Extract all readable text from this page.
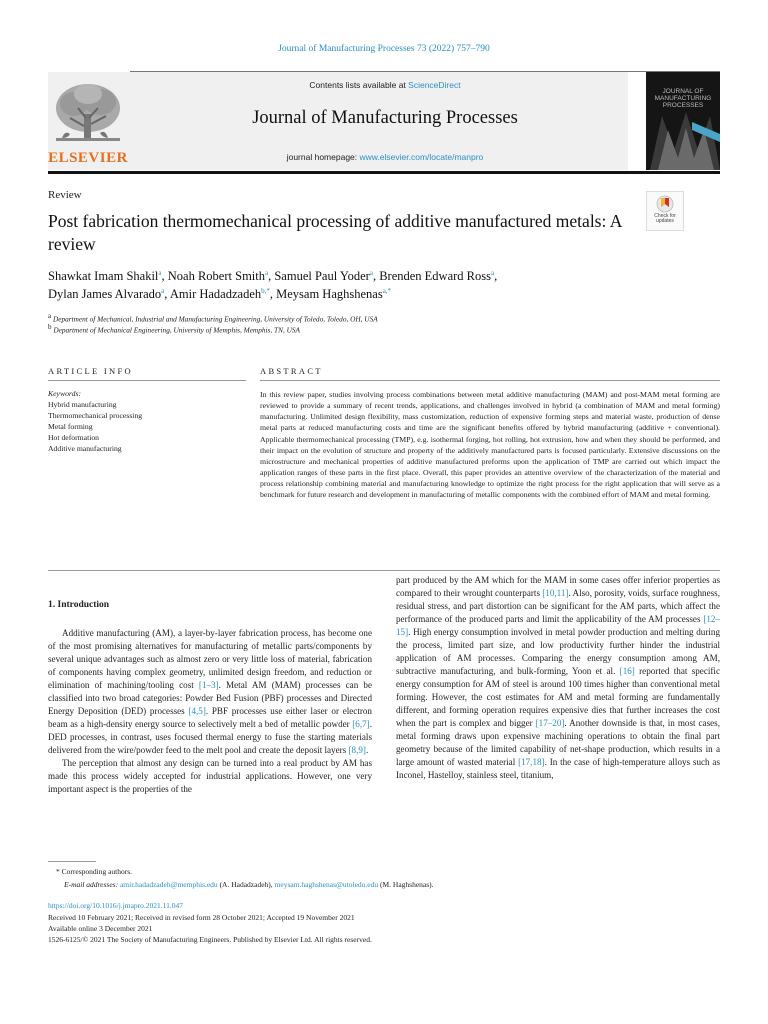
Journal of Manufacturing Processes 73 (2022) 757–790
ELSEVIER
Contents lists available at ScienceDirect
Journal of Manufacturing Processes
journal homepage: www.elsevier.com/locate/manpro
JOURNAL OF MANUFACTURING PROCESSES
Review
Check for updates
Post fabrication thermomechanical processing of additive manufactured metals: A review
Shawkat Imam Shakil$^a$, Noah Robert Smith$^a$, Samuel Paul Yoder$^a$, Brenden Edward Ross$^a$,
Dylan James Alvarado$^a$, Amir Hadadzadeh$^{b,*}$, Meysam Haghshenas$^{a,*}$
$^a$ Department of Mechanical, Industrial and Manufacturing Engineering, University of Toledo, Toledo, OH, USA
$^b$ Department of Mechanical Engineering, University of Memphis, Memphis, TN, USA
ARTICLE INFO
Keywords:
Hybrid manufacturing
Thermomechanical processing
Metal forming
Hot deformation
Additive manufacturing
ABSTRACT
In this review paper, studies involving process combinations between metal additive manufacturing (MAM) and post-MAM metal forming are reviewed to provide a summary of recent trends, applications, and challenges involved in hybrid (a combination of MAM and metal forming) manufacturing. Unlimited design flexibility, mass customization, reduction of expensive forming steps and material waste, production of dense metal parts at reduced manufacturing costs and time are the significant benefits offered by hybrid manufacturing (additive + conventional). Applicable thermomechanical processing (TMP), e.g. isothermal forging, hot rolling, hot extrusion, how and when they should be performed, and their impact on the evolution of structure and property of the additively manufactured parts is focused particularly. Extensive discussions on the microstructure and mechanical properties of additive manufactured preforms upon the application of TMP are carried out which impact the application ranges of these parts in the first place. Overall, this paper provides an attentive overview of the characterization of the material and process relationship combining material and manufacturing knowledge to optimize the right process for the right application that will serve as a benchmark for future research and development in manufacturing of metallic components with the combined effort of MAM and metal forming.
1. Introduction

Additive manufacturing (AM), a layer-by-layer fabrication process, has become one of the most promising alternatives for manufacturing of metallic parts/components by several unique advantages such as almost zero or very little loss of material, fabrication of components having complex geometry, unlimited design freedom, and reduction or elimination of machining/tooling cost [1–3]. Metal AM (MAM) processes can be classified into two broad categories: Powder Bed Fusion (PBF) processes and Directed Energy Deposition (DED) processes [4,5]. PBF processes use either laser or electron beam as a high-density energy source to selectively melt a bed of metallic powder [6,7]. DED processes, in contrast, uses focused thermal energy to fuse the starting materials delivered from the wire/powder feed to the melt pool and create the deposit layers [8,9].

The perception that almost any design can be turned into a real product by AM has made this process widely accepted for industrial applications. However, one very important aspect is the properties of the

part produced by the AM which for the MAM in some cases offer inferior properties as compared to their wrought counterparts [10,11]. Also, porosity, voids, surface roughness, residual stress, and part distortion can be significant for the AM parts, which affect the performance of the produced parts and limit the applicability of the AM processes [12–15]. High energy consumption involved in metal powder production and melting during the process, limited part size, and low productivity further hinder the industrial application of AM processes. Comparing the energy consumption among AM, subtractive manufacturing, and bulk-forming, Yoon et al. [16] reported that specific energy consumption for AM of steel is around 100 times higher than conventional metal forming. However, the cost estimates for AM and metal forming are fundamentally different, and forming operation requires expensive dies that further increases the cost when the part is complex and bigger [17–20]. Another downside is that, in most cases, metal forming draws upon expensive machining operations to obtain the final part geometry because of the limited capability of net-shape production, which results in a large amount of wasted material [17,18]. In the case of high-temperature alloys such as Inconel, Hastelloy, stainless steel, titanium,

* Corresponding authors.
E-mail addresses: amir.hadadzadeh@memphis.edu (A. Hadadzadeh), meysam.haghshenas@utoledo.edu (M. Haghshenas).
https://doi.org/10.1016/j.jmapro.2021.11.047
Received 10 February 2021; Received in revised form 28 October 2021; Accepted 19 November 2021
Available online 3 December 2021
1526-6125/© 2021 The Society of Manufacturing Engineers. Published by Elsevier Ltd. All rights reserved.
